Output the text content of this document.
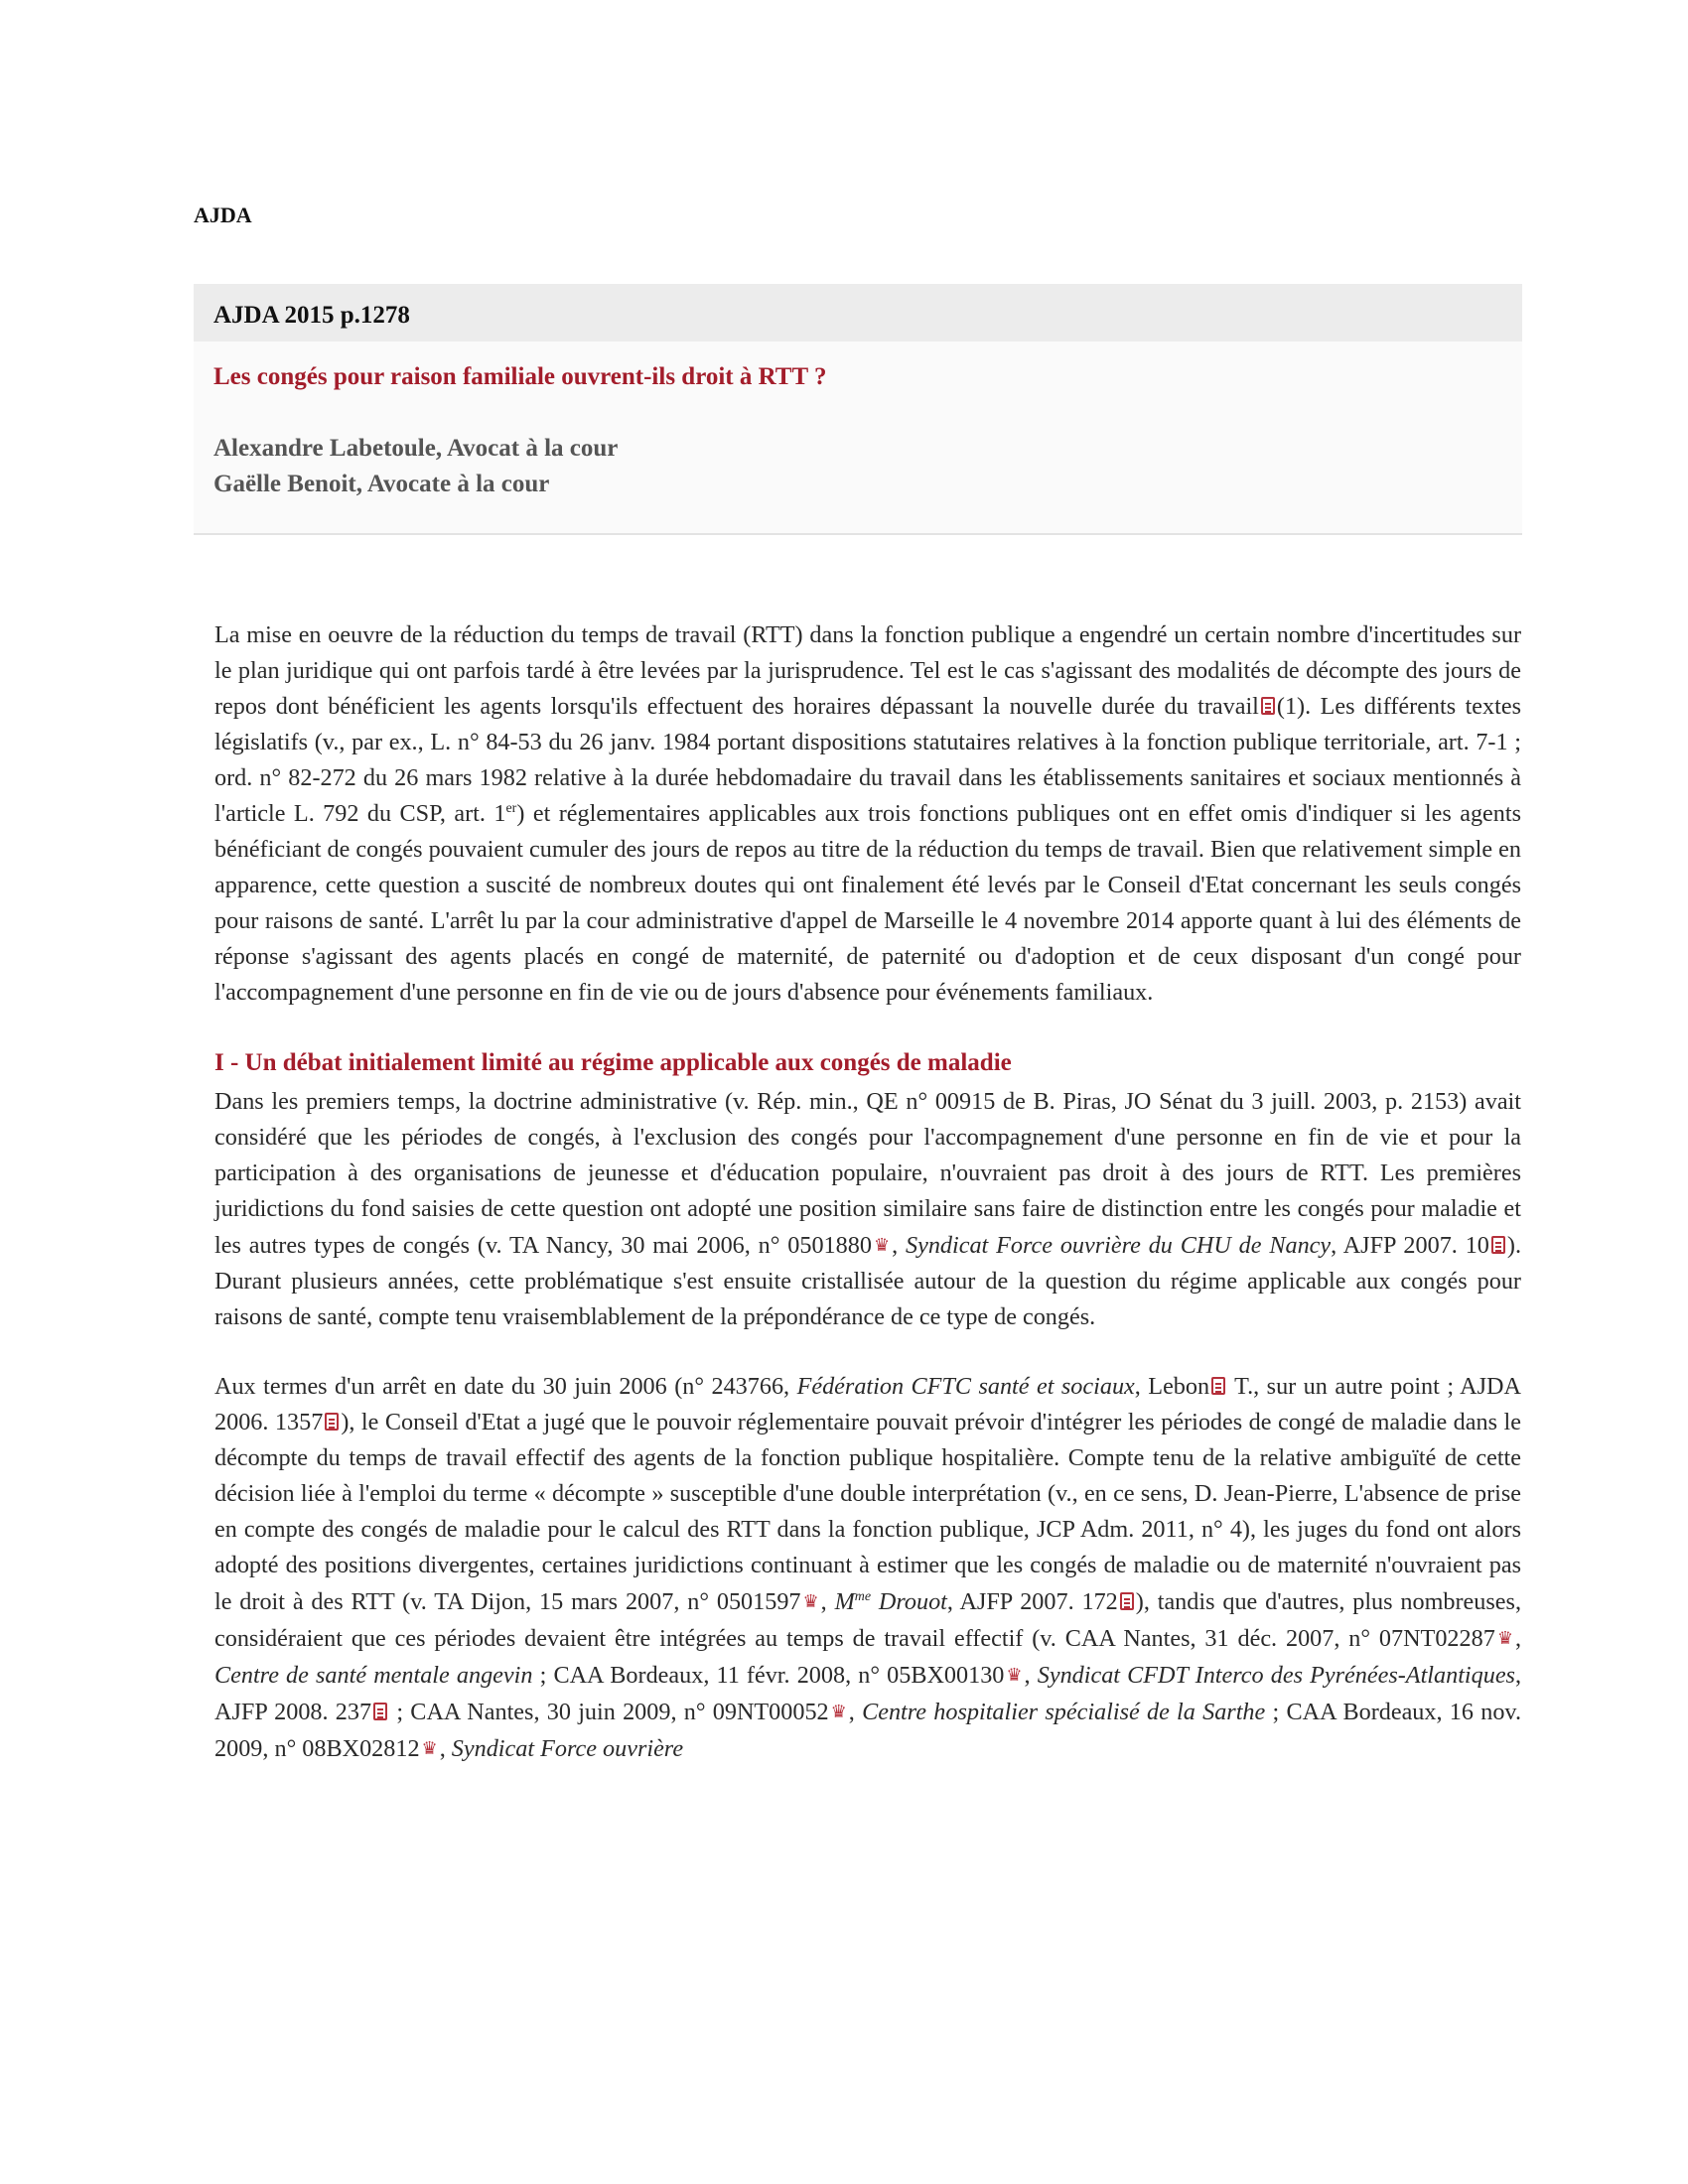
AJDA
AJDA 2015 p.1278
Les congés pour raison familiale ouvrent-ils droit à RTT ?
Alexandre Labetoule, Avocat à la cour
Gaëlle Benoit, Avocate à la cour

La mise en oeuvre de la réduction du temps de travail (RTT) dans la fonction publique a engendré un certain nombre d'incertitudes sur le plan juridique qui ont parfois tardé à être levées par la jurisprudence. Tel est le cas s'agissant des modalités de décompte des jours de repos dont bénéficient les agents lorsqu'ils effectuent des horaires dépassant la nouvelle durée du travail (1). Les différents textes législatifs (v., par ex., L. n° 84-53 du 26 janv. 1984 portant dispositions statutaires relatives à la fonction publique territoriale, art. 7-1 ; ord. n° 82-272 du 26 mars 1982 relative à la durée hebdomadaire du travail dans les établissements sanitaires et sociaux mentionnés à l'article L. 792 du CSP, art. 1er) et réglementaires applicables aux trois fonctions publiques ont en effet omis d'indiquer si les agents bénéficiant de congés pouvaient cumuler des jours de repos au titre de la réduction du temps de travail. Bien que relativement simple en apparence, cette question a suscité de nombreux doutes qui ont finalement été levés par le Conseil d'Etat concernant les seuls congés pour raisons de santé. L'arrêt lu par la cour administrative d'appel de Marseille le 4 novembre 2014 apporte quant à lui des éléments de réponse s'agissant des agents placés en congé de maternité, de paternité ou d'adoption et de ceux disposant d'un congé pour l'accompagnement d'une personne en fin de vie ou de jours d'absence pour événements familiaux.

I - Un débat initialement limité au régime applicable aux congés de maladie

Dans les premiers temps, la doctrine administrative (v. Rép. min., QE n° 00915 de B. Piras, JO Sénat du 3 juill. 2003, p. 2153) avait considéré que les périodes de congés, à l'exclusion des congés pour l'accompagnement d'une personne en fin de vie et pour la participation à des organisations de jeunesse et d'éducation populaire, n'ouvraient pas droit à des jours de RTT. Les premières juridictions du fond saisies de cette question ont adopté une position similaire sans faire de distinction entre les congés pour maladie et les autres types de congés (v. TA Nancy, 30 mai 2006, n° 0501880 ♛, Syndicat Force ouvrière du CHU de Nancy, AJFP 2007. 10 ). Durant plusieurs années, cette problématique s'est ensuite cristallisée autour de la question du régime applicable aux congés pour raisons de santé, compte tenu vraisemblablement de la prépondérance de ce type de congés.

Aux termes d'un arrêt en date du 30 juin 2006 (n° 243766, Fédération CFTC santé et sociaux, Lebon T., sur un autre point ; AJDA 2006. 1357 ), le Conseil d'Etat a jugé que le pouvoir réglementaire pouvait prévoir d'intégrer les périodes de congé de maladie dans le décompte du temps de travail effectif des agents de la fonction publique hospitalière. Compte tenu de la relative ambiguïté de cette décision liée à l'emploi du terme « décompte » susceptible d'une double interprétation (v., en ce sens, D. Jean-Pierre, L'absence de prise en compte des congés de maladie pour le calcul des RTT dans la fonction publique, JCP Adm. 2011, n° 4), les juges du fond ont alors adopté des positions divergentes, certaines juridictions continuant à estimer que les congés de maladie ou de maternité n'ouvraient pas le droit à des RTT (v. TA Dijon, 15 mars 2007, n° 0501597 ♛, $M^{me}$ Drouot, AJFP 2007. 172 ), tandis que d'autres, plus nombreuses, considéraient que ces périodes devaient être intégrées au temps de travail effectif (v. CAA Nantes, 31 déc. 2007, n° 07NT02287 ♛, Centre de santé mentale angevin ; CAA Bordeaux, 11 févr. 2008, n° 05BX00130 ♛, Syndicat CFDT Interco des Pyrénées-Atlantiques, AJFP 2008. 237 ; CAA Nantes, 30 juin 2009, n° 09NT00052 ♛, Centre hospitalier spécialisé de la Sarthe ; CAA Bordeaux, 16 nov. 2009, n° 08BX02812 ♛, Syndicat Force ouvrière
